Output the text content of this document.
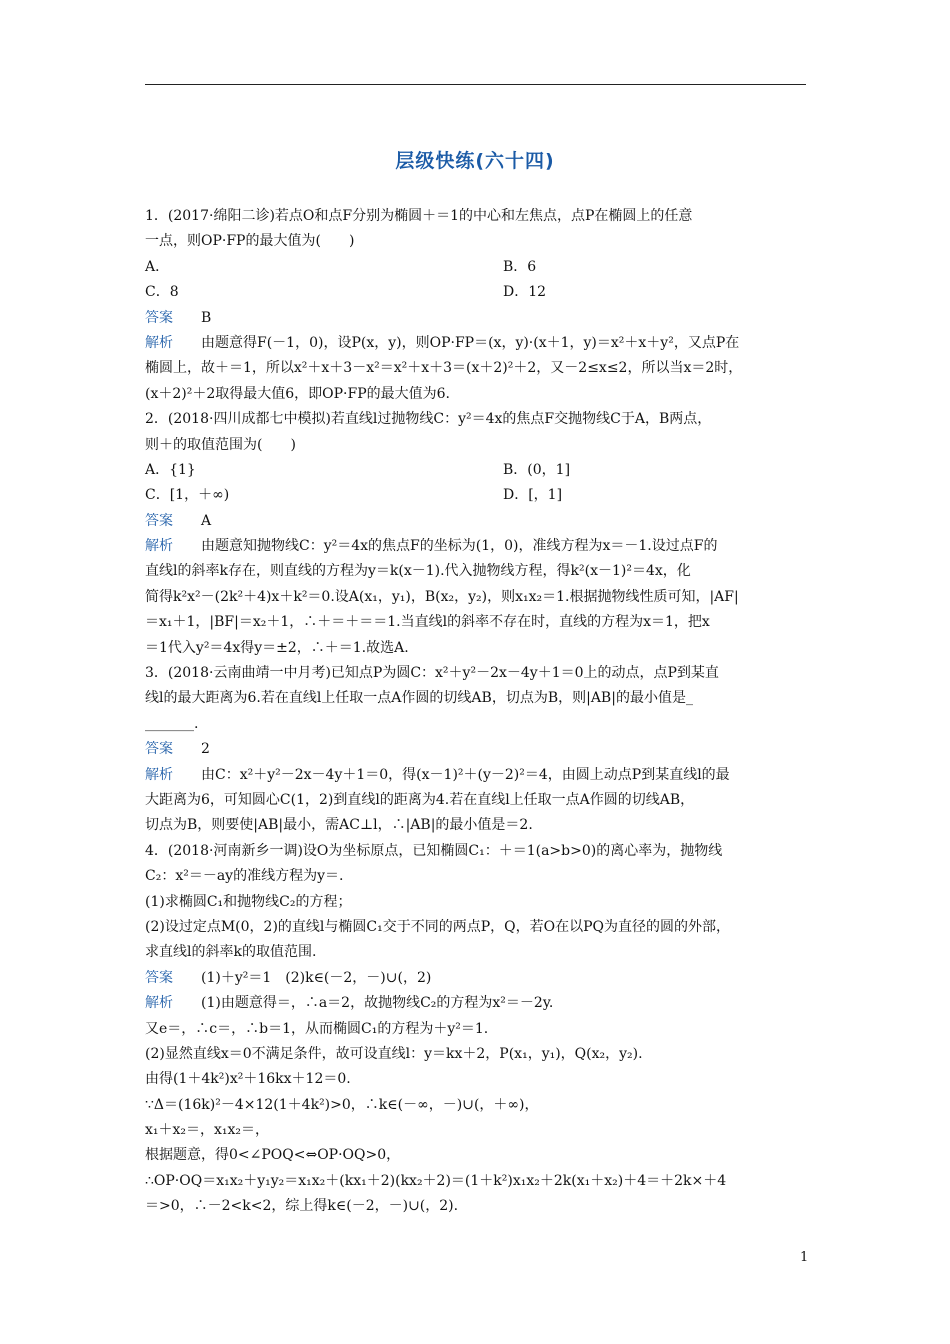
层级快练(六十四)
1．(2017·绵阳二诊)若点O和点F分别为椭圆＋＝1的中心和左焦点，点P在椭圆上的任意
一点，则OP·FP的最大值为(　　)
A．	B．6
C．8	D．12
答案 B
解析 由题意得F(－1，0)，设P(x，y)，则OP·FP＝(x，y)·(x＋1，y)＝x²＋x＋y²，又点P在
椭圆上，故＋＝1，所以x²＋x＋3－x²＝x²＋x＋3＝(x＋2)²＋2，又－2≤x≤2，所以当x＝2时，
(x＋2)²＋2取得最大值6，即OP·FP的最大值为6.
2．(2018·四川成都七中模拟)若直线l过抛物线C：y²＝4x的焦点F交抛物线C于A，B两点，
则＋的取值范围为(　　)
A．{1}	B．(0，1]
C．[1，＋∞)	D．[，1]
答案 A
解析 由题意知抛物线C：y²＝4x的焦点F的坐标为(1，0)，准线方程为x＝－1.设过点F的
直线l的斜率k存在，则直线的方程为y＝k(x－1).代入抛物线方程，得k²(x－1)²＝4x，化
简得k²x²－(2k²＋4)x＋k²＝0.设A(x₁，y₁)，B(x₂，y₂)，则x₁x₂＝1.根据抛物线性质可知，|AF|
＝x₁＋1，|BF|＝x₂＋1，∴＋＝＋＝＝1.当直线l的斜率不存在时，直线的方程为x＝1，把x
＝1代入y²＝4x得y＝±2，∴＋＝1.故选A.
3．(2018·云南曲靖一中月考)已知点P为圆C：x²＋y²－2x－4y＋1＝0上的动点，点P到某直
线l的最大距离为6.若在直线l上任取一点A作圆的切线AB，切点为B，则|AB|的最小值是_
_______.
答案 2
解析 由C：x²＋y²－2x－4y＋1＝0，得(x－1)²＋(y－2)²＝4，由圆上动点P到某直线l的最
大距离为6，可知圆心C(1，2)到直线l的距离为4.若在直线l上任取一点A作圆的切线AB，
切点为B，则要使|AB|最小，需AC⊥l，∴|AB|的最小值是＝2.
4．(2018·河南新乡一调)设O为坐标原点，已知椭圆C₁：＋＝1(a>b>0)的离心率为，抛物线
C₂：x²＝－ay的准线方程为y＝.
(1)求椭圆C₁和抛物线C₂的方程；
(2)设过定点M(0，2)的直线l与椭圆C₁交于不同的两点P，Q，若O在以PQ为直径的圆的外部，
求直线l的斜率k的取值范围.
答案 (1)＋y²＝1　(2)k∈(－2，－)∪(，2)
解析 (1)由题意得＝，∴a＝2，故抛物线C₂的方程为x²＝－2y.
又e＝，∴c＝，∴b＝1，从而椭圆C₁的方程为＋y²＝1.
(2)显然直线x＝0不满足条件，故可设直线l：y＝kx＋2，P(x₁，y₁)，Q(x₂，y₂).
由得(1＋4k²)x²＋16kx＋12＝0.
∵Δ＝(16k)²－4×12(1＋4k²)>0，∴k∈(－∞，－)∪(，＋∞)，
x₁＋x₂＝，x₁x₂＝，
根据题意，得0<∠POQ<⇔OP·OQ>0，
∴OP·OQ＝x₁x₂＋y₁y₂＝x₁x₂＋(kx₁＋2)(kx₂＋2)＝(1＋k²)x₁x₂＋2k(x₁＋x₂)＋4＝＋2k×＋4
＝>0，∴－2<k<2，综上得k∈(－2，－)∪(，2).
1
